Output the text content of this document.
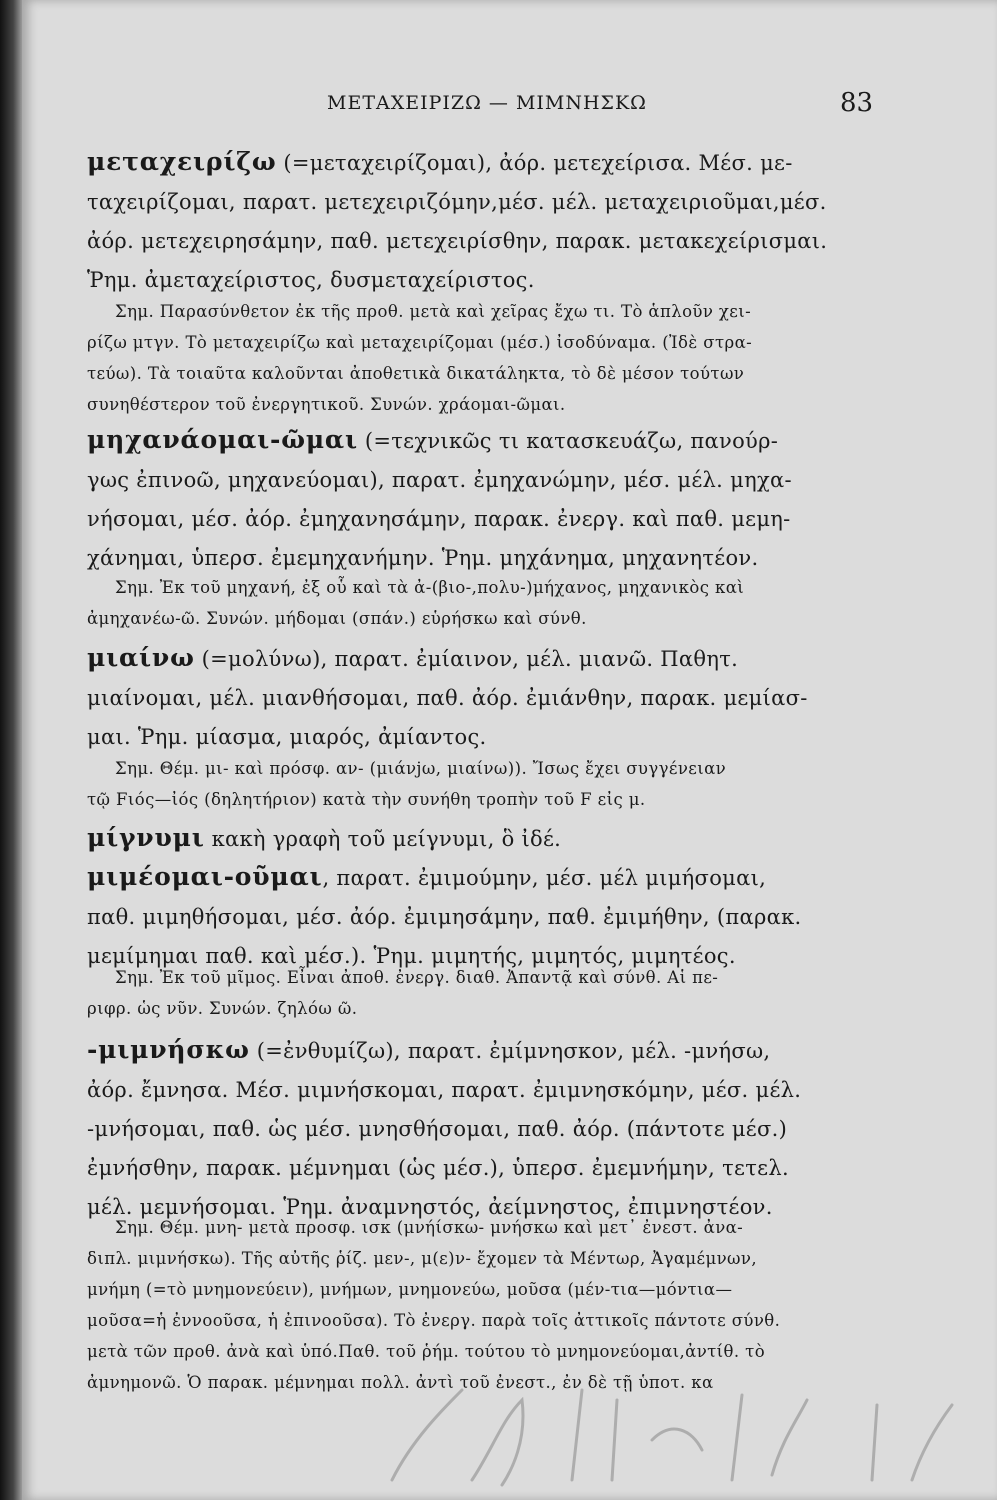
ΜΕΤΑΧΕΙΡΙΖΩ — ΜΙΜΝΗΣΚΩ	83
μεταχειρίζω (=μεταχειρίζομαι), ἀόρ. μετεχείρισα. Μέσ. με-
ταχειρίζομαι, παρατ. μετεχειριζόμην,μέσ. μέλ. μεταχειριοῦμαι,μέσ.
ἀόρ. μετεχειρησάμην, παθ. μετεχειρίσθην, παρακ. μετακεχείρισμαι.
Ῥημ. ἀμεταχείριστος, δυσμεταχείριστος.
Σημ. Παρασύνθετον ἐκ τῆς προθ. μετὰ καὶ χεῖρας ἔχω τι. Τὸ ἁπλοῦν χει-
ρίζω μτγν. Τὸ μεταχειρίζω καὶ μεταχειρίζομαι (μέσ.) ἰσοδύναμα. (Ἰδὲ στρα-
τεύω). Τὰ τοιαῦτα καλοῦνται ἀποθετικὰ δικατάληκτα, τὸ δὲ μέσον τούτων
συνηθέστερον τοῦ ἐνεργητικοῦ. Συνών. χράομαι-ῶμαι.
μηχανάομαι-ῶμαι (=τεχνικῶς τι κατασκευάζω, πανούρ-
γως ἐπινοῶ, μηχανεύομαι), παρατ. ἐμηχανώμην, μέσ. μέλ. μηχα-
νήσομαι, μέσ. ἀόρ. ἐμηχανησάμην, παρακ. ἐνεργ. καὶ παθ. μεμη-
χάνημαι, ὑπερσ. ἐμεμηχανήμην. Ῥημ. μηχάνημα, μηχανητέον.
Σημ. Ἐκ τοῦ μηχανή, ἐξ οὗ καὶ τὰ ἀ-(βιο-,πολυ-)μήχανος, μηχανικὸς καὶ
ἀμηχανέω-ῶ. Συνών. μήδομαι (σπάν.) εὑρήσκω καὶ σύνθ.
μιαίνω (=μολύνω), παρατ. ἐμίαινον, μέλ. μιανῶ. Παθητ.
μιαίνομαι, μέλ. μιανθήσομαι, παθ. ἀόρ. ἐμιάνθην, παρακ. μεμίασ-
μαι. Ῥημ. μίασμα, μιαρός, ἀμίαντος.
Σημ. Θέμ. μι- καὶ πρόσφ. αν- (μιάνjω, μιαίνω)). Ἴσως ἔχει συγγένειαν
τῷ Fιός—ἰός (δηλητήριον) κατὰ τὴν συνήθη τροπὴν τοῦ F εἰς μ.
μίγνυμι κακὴ γραφὴ τοῦ μείγνυμι, ὃ ἰδέ.
μιμέομαι-οῦμαι, παρατ. ἐμιμούμην, μέσ. μέλ μιμήσομαι,
παθ. μιμηθήσομαι, μέσ. ἀόρ. ἐμιμησάμην, παθ. ἐμιμήθην, (παρακ.
μεμίμημαι παθ. καὶ μέσ.). Ῥημ. μιμητής, μιμητός, μιμητέος.
Σημ. Ἐκ τοῦ μῖμος. Εἶναι ἀποθ. ἐνεργ. διαθ. Ἀπαντᾷ καὶ σύνθ. Αἱ πε-
ριφρ. ὡς νῦν. Συνών. ζηλόω ῶ.
-μιμνήσκω (=ἐνθυμίζω), παρατ. ἐμίμνησκον, μέλ. -μνήσω,
ἀόρ. ἔμνησα. Μέσ. μιμνήσκομαι, παρατ. ἐμιμνησκόμην, μέσ. μέλ.
-μνήσομαι, παθ. ὡς μέσ. μνησθήσομαι, παθ. ἀόρ. (πάντοτε μέσ.)
ἐμνήσθην, παρακ. μέμνημαι (ὡς μέσ.), ὑπερσ. ἐμεμνήμην, τετελ.
μέλ. μεμνήσομαι. Ῥημ. ἀναμνηστός, ἀείμνηστος, ἐπιμνηστέον.
Σημ. Θέμ. μνη- μετὰ προσφ. ισκ (μνήίσκω- μνήσκω καὶ μετ᾽ ἐνεστ. ἀνα-
διπλ. μιμνήσκω). Τῆς αὐτῆς ῥίζ. μεν-, μ(ε)ν- ἔχομεν τὰ Μέντωρ, Ἀγαμέμνων,
μνήμη (=τὸ μνημονεύειν), μνήμων, μνημονεύω, μοῦσα (μέν-τια—μόντια—
μοῦσα=ἡ ἐννοοῦσα, ἡ ἐπινοοῦσα). Τὸ ἐνεργ. παρὰ τοῖς ἀττικοῖς πάντοτε σύνθ.
μετὰ τῶν προθ. ἀνὰ καὶ ὑπό.Παθ. τοῦ ῥήμ. τούτου τὸ μνημονεύομαι,ἀντίθ. τὸ
ἀμνημονῶ. Ὁ παρακ. μέμνημαι πολλ. ἀντὶ τοῦ ἐνεστ., ἐν δὲ τῇ ὑποτ. κα
